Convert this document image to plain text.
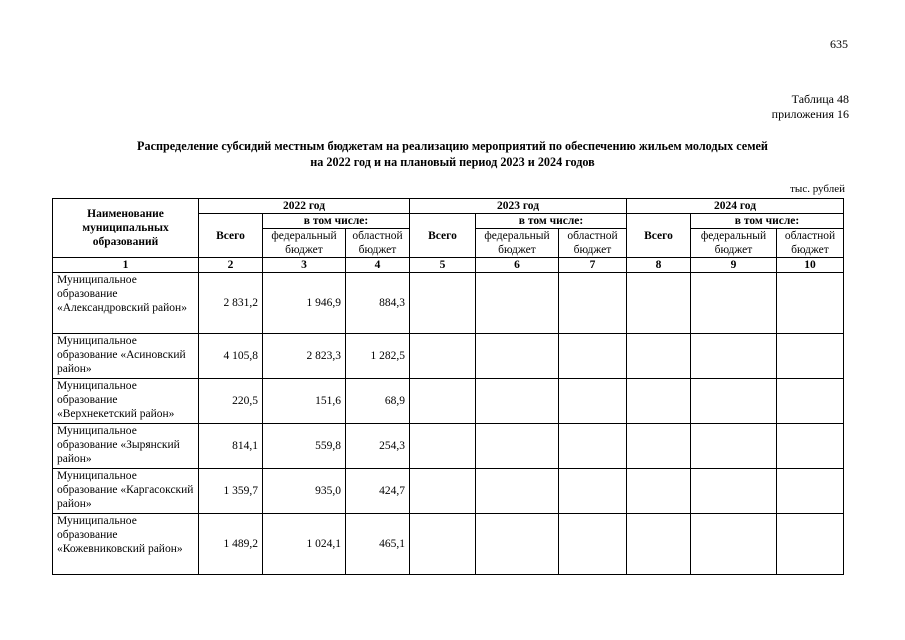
635
Таблица 48
приложения 16
Распределение субсидий местным бюджетам на реализацию мероприятий по обеспечению жильем молодых семей
на 2022 год и на плановый период 2023 и 2024 годов
тыс. рублей
Наименование муниципальных образований	2022 год			2023 год			2024 год		
	Всего	в том числе:		Всего	в том числе:		Всего	в том числе:	
		федеральный бюджет	областной бюджет		федеральный бюджет	областной бюджет		федеральный бюджет	областной бюджет
1	2	3	4	5	6	7	8	9	10
Муниципальное образование «Александровский район»	2 831,2	1 946,9	884,3						
Муниципальное образование «Асиновский район»	4 105,8	2 823,3	1 282,5						
Муниципальное образование «Верхнекетский район»	220,5	151,6	68,9						
Муниципальное образование «Зырянский район»	814,1	559,8	254,3						
Муниципальное образование «Каргасокский район»	1 359,7	935,0	424,7						
Муниципальное образование «Кожевниковский район»	1 489,2	1 024,1	465,1						
